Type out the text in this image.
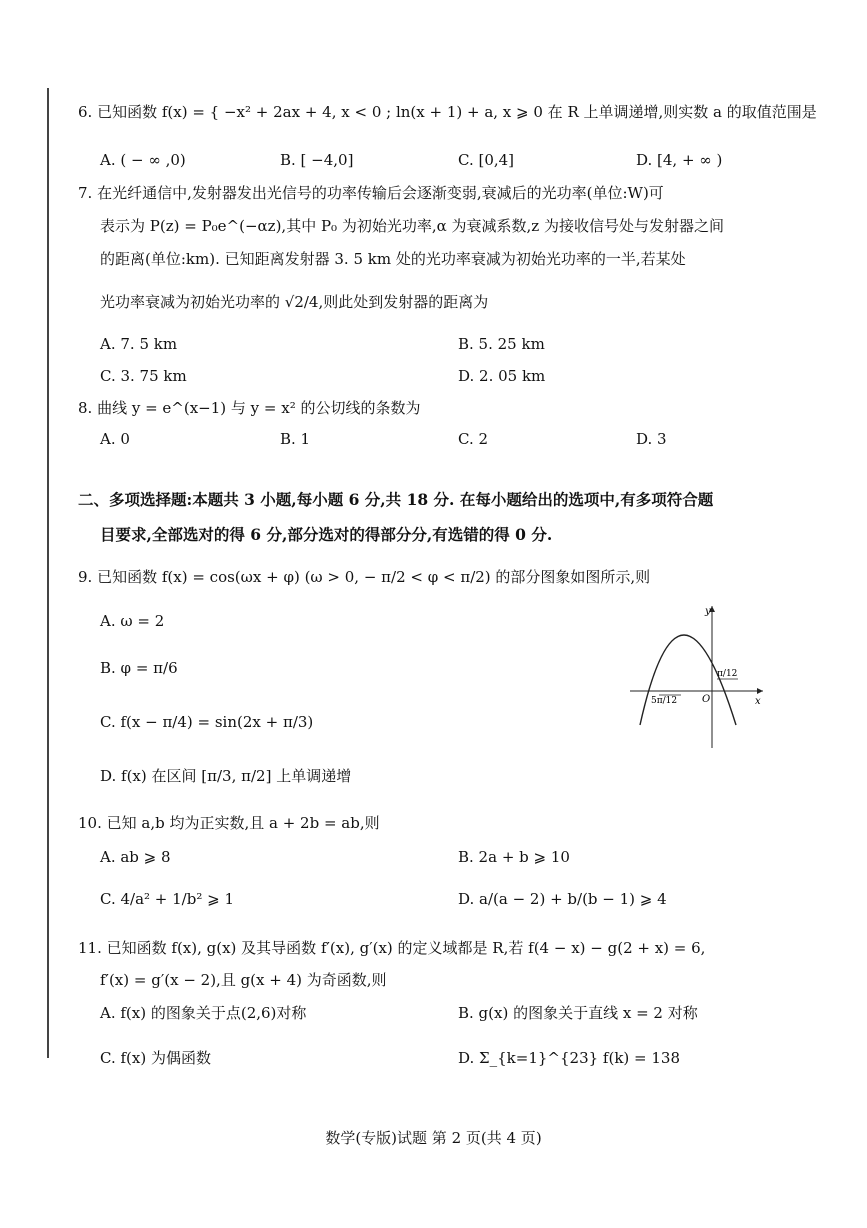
6. 已知函数 f(x) = { −x² + 2ax + 4, x < 0 ; ln(x + 1) + a, x ⩾ 0 在 R 上单调递增,则实数 a 的取值范围是
A. ( − ∞ ,0)	B. [ −4,0]	C. [0,4]	D. [4, + ∞ )
7. 在光纤通信中,发射器发出光信号的功率传输后会逐渐变弱,衰减后的光功率(单位:W)可
表示为 P(z) = P₀e^(−αz),其中 P₀ 为初始光功率,α 为衰减系数,z 为接收信号处与发射器之间
的距离(单位:km). 已知距离发射器 3. 5 km 处的光功率衰减为初始光功率的一半,若某处
光功率衰减为初始光功率的 √2/4,则此处到发射器的距离为
A. 7. 5 km	B. 5. 25 km
C. 3. 75 km	D. 2. 05 km
8. 曲线 y = e^(x−1) 与 y = x² 的公切线的条数为
A. 0	B. 1	C. 2	D. 3
二、多项选择题:本题共 3 小题,每小题 6 分,共 18 分. 在每小题给出的选项中,有多项符合题
目要求,全部选对的得 6 分,部分选对的得部分分,有选错的得 0 分.
9. 已知函数 f(x) = cos(ωx + φ) (ω > 0, − π/2 < φ < π/2) 的部分图象如图所示,则
A. ω = 2
B. φ = π/6
C. f(x − π/4) = sin(2x + π/3)
D. f(x) 在区间 [π/3, π/2] 上单调递增
y
x
O
5π/12
π/12
10. 已知 a,b 均为正实数,且 a + 2b = ab,则
A. ab ⩾ 8	B. 2a + b ⩾ 10
C. 4/a² + 1/b² ⩾ 1	D. a/(a − 2) + b/(b − 1) ⩾ 4
11. 已知函数 f(x), g(x) 及其导函数 f′(x), g′(x) 的定义域都是 R,若 f(4 − x) − g(2 + x) = 6,
f′(x) = g′(x − 2),且 g(x + 4) 为奇函数,则
A. f(x) 的图象关于点(2,6)对称	B. g(x) 的图象关于直线 x = 2 对称
C. f(x) 为偶函数	D. Σ_{k=1}^{23} f(k) = 138
数学(专版)试题 第 2 页(共 4 页)
